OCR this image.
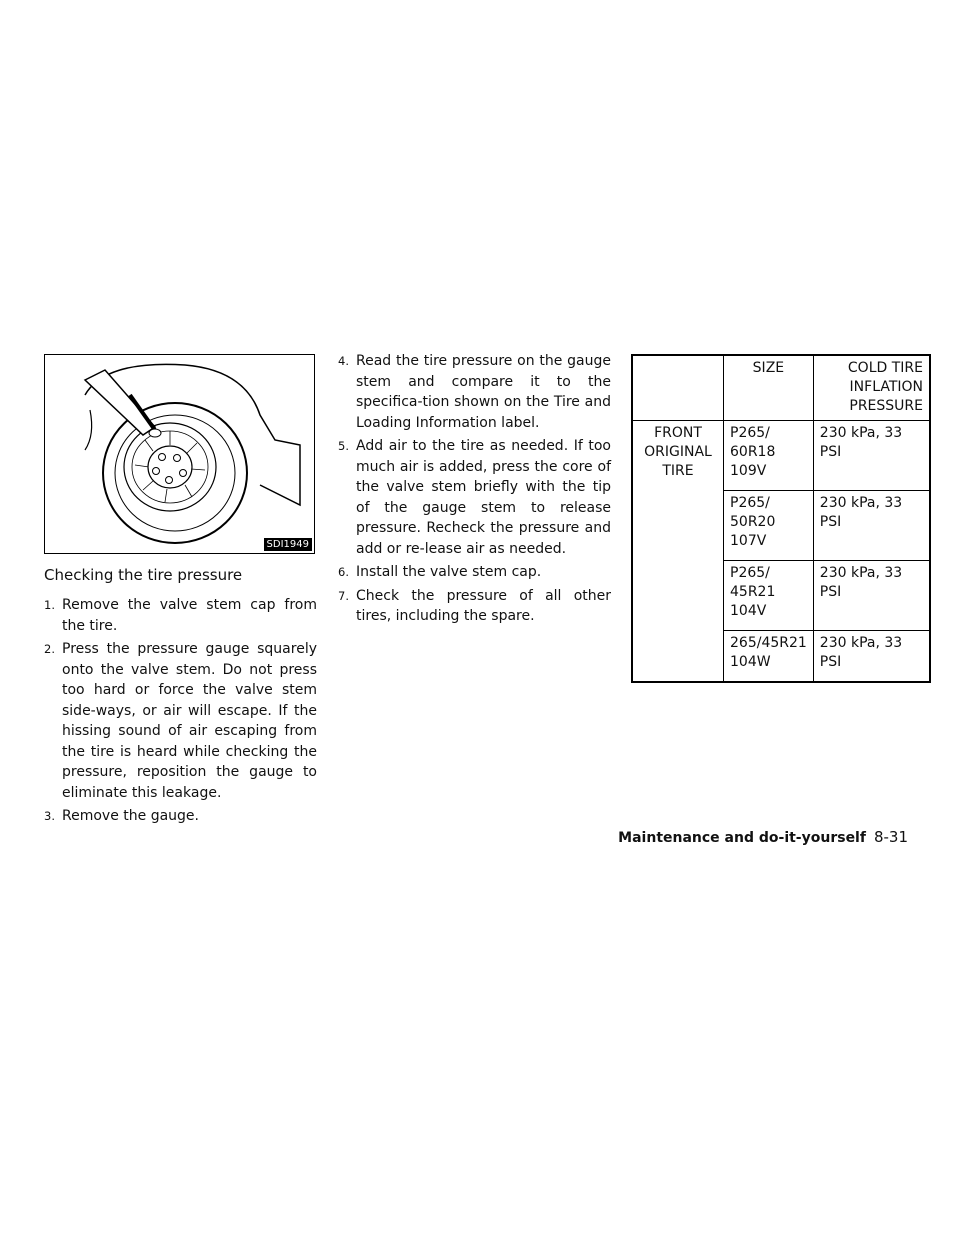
SDI1949
Checking the tire pressure
1. Remove the valve stem cap from the tire.
2. Press the pressure gauge squarely onto the valve stem. Do not press too hard or force the valve stem side-ways, or air will escape. If the hissing sound of air escaping from the tire is heard while checking the pressure, reposition the gauge to eliminate this leakage.
3. Remove the gauge.
4. Read the tire pressure on the gauge stem and compare it to the specifica-tion shown on the Tire and Loading Information label.
5. Add air to the tire as needed. If too much air is added, press the core of the valve stem briefly with the tip of the gauge stem to release pressure. Recheck the pressure and add or re-lease air as needed.
6. Install the valve stem cap.
7. Check the pressure of all other tires, including the spare.
	SIZE	COLD TIRE INFLATION PRESSURE
FRONT ORIGINAL TIRE	P265/ 60R18 109V	230 kPa, 33 PSI
	P265/ 50R20 107V	230 kPa, 33 PSI
	P265/ 45R21 104V	230 kPa, 33 PSI
	265/45R21 104W	230 kPa, 33 PSI
Maintenance and do-it-yourself 8-31
